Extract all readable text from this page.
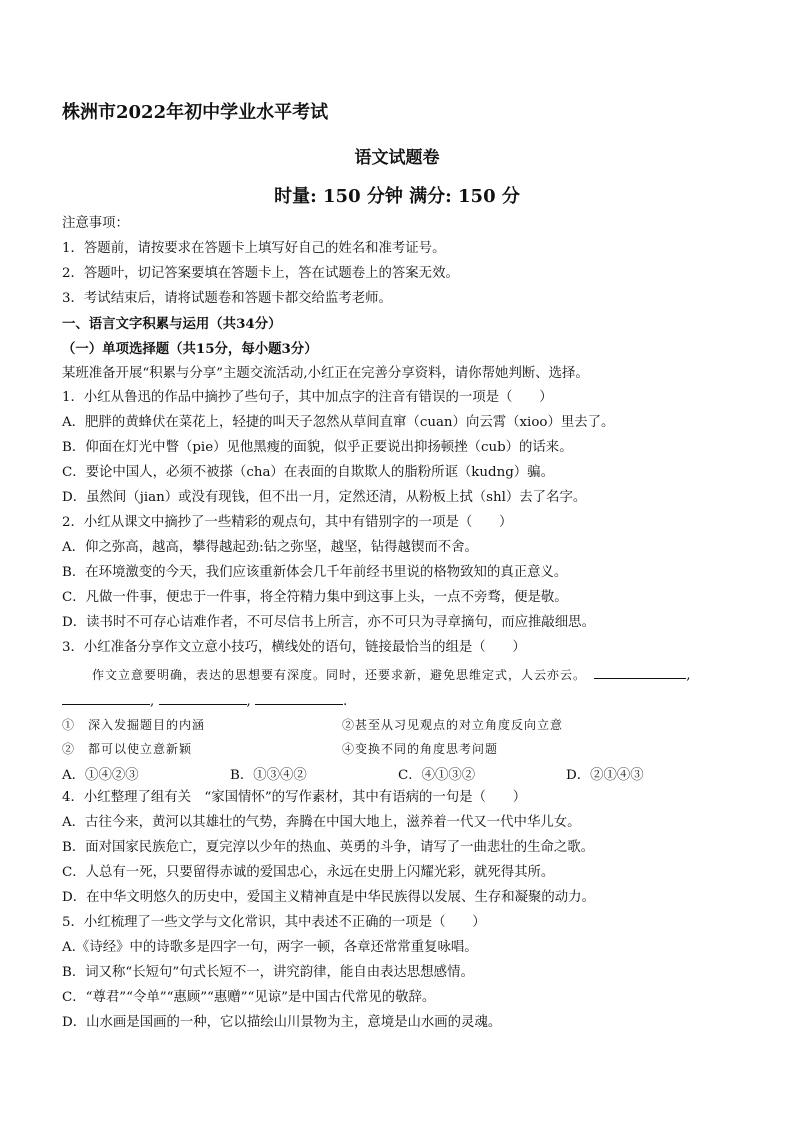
株洲市2022年初中学业水平考试
语文试题卷
时量: 150 分钟 满分: 150 分
注意事项：
1．答题前，请按要求在答题卡上填写好自己的姓名和准考证号。
2．答题叶，切记答案要填在答题卡上，答在试题卷上的答案无效。
3．考试结束后，请将试题卷和答题卡都交给监考老师。
一、语言文字积累与运用（共34分）
（一）单项选择题（共15分，每小题3分）
某班准备开展“积累与分享”主题交流活动,小红正在完善分享资料，请你帮她判断、选择。
1．小红从鲁迅的作品中摘抄了些句子，其中加点字的注音有错误的一项是（　　）
A．肥胖的黄蜂伏在菜花上，轻捷的叫天子忽然从草间直窜（cuan）向云霄（xioo）里去了。
B．仰面在灯光中瞥（pie）见他黑瘦的面貌，似乎正要说出抑扬顿挫（cub）的话来。
C．要论中国人，必须不被搽（cha）在表面的自欺欺人的脂粉所诓（kudng）骗。
D．虽然间（jian）或没有现钱，但不出一月，定然还清，从粉板上拭（shl）去了名字。
2．小红从课文中摘抄了一些精彩的观点句，其中有错别字的一项是（　　）
A．仰之弥高，越高，攀得越起劲:钻之弥坚，越坚，钻得越锲而不舍。
B．在环境激变的今天，我们应该重新体会几千年前经书里说的格物致知的真正意义。
C．凡做一件事，便忠于一件事，将全符精力集中到这事上头，一点不旁骛，便是敬。
D．读书时不可存心诘难作者，不可尽信书上所言，亦不可只为寻章摘句，而应推敲细思。
3．小红准备分享作文立意小技巧，横线处的语句，链接最恰当的组是（　　）
作文立意要明确，表达的思想要有深度。同时，还要求新，避免思维定式，人云亦云。	,
,	,	.
①　深入发掘题目的内涵	②甚至从习见观点的对立角度反向立意
②　都可以使立意新颖	④变换不同的角度思考问题
A．①④②③	B．①③④②	C．④①③②	D．②①④③
4．小红整理了组有关　“家国情怀”的写作素材，其中有语病的一句是（　　）
A．古往今来，黄河以其雄壮的气势，奔腾在中国大地上，滋养着一代又一代中华儿女。
B．面对国家民族危亡，夏完淳以少年的热血、英勇的斗争，请写了一曲悲壮的生命之歌。
C．人总有一死，只要留得赤诚的爱国忠心，永远在史册上闪耀光彩，就死得其所。
D．在中华文明悠久的历史中，爱国主义精神直是中华民族得以发展、生存和凝聚的动力。
5．小红梳理了一些文学与文化常识，其中表述不正确的一项是（　　）
A.《诗经》中的诗歌多是四字一句，两字一顿，各章还常常重复咏唱。
B．词又称“长短句”句式长短不一，讲究韵律，能自由表达思想感情。
C．“尊君”“令单”“惠顾”“惠赠”“见谅”是中国古代常见的敬辞。
D．山水画是国画的一种，它以描绘山川景物为主，意境是山水画的灵魂。
